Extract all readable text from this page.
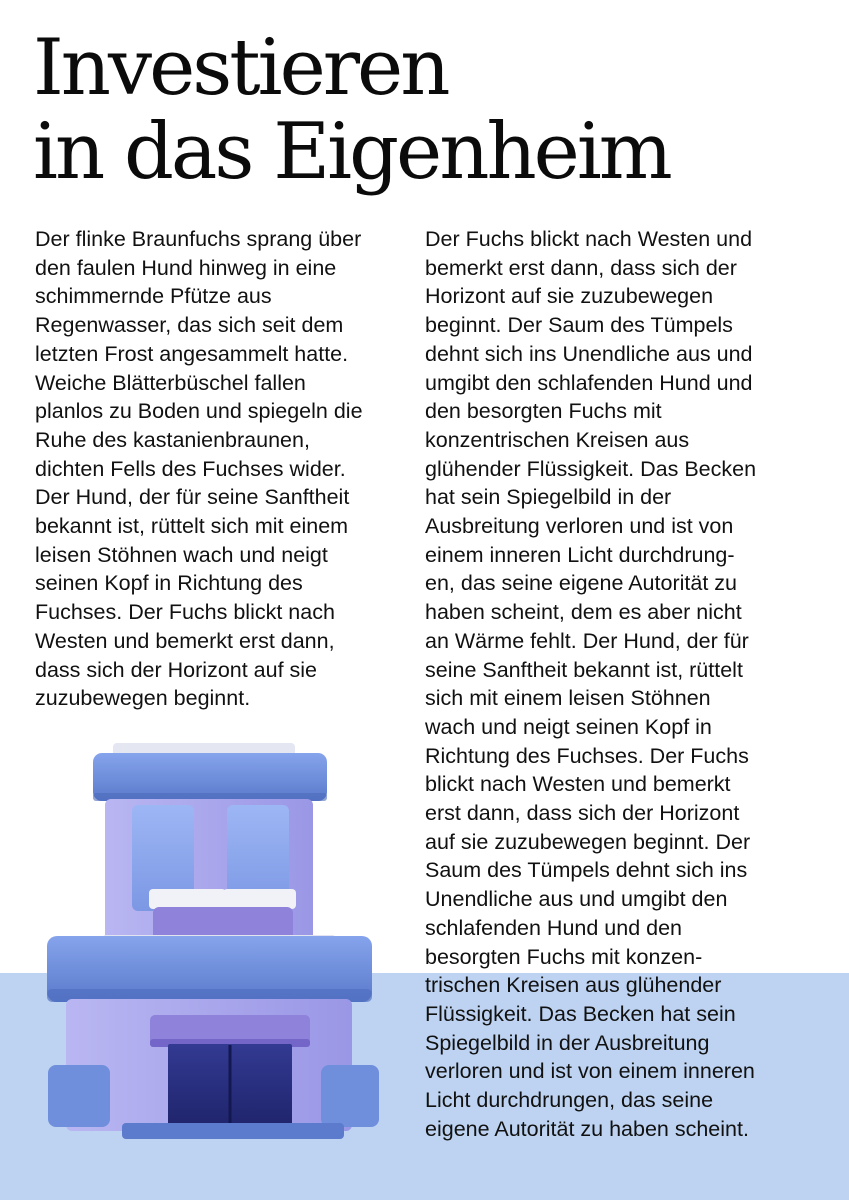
Investieren
in das Eigenheim

Der flinke Braunfuchs sprang über
den faulen Hund hinweg in eine
schimmernde Pfütze aus
Regenwasser, das sich seit dem
letzten Frost angesammelt hatte.
Weiche Blätterbüschel fallen
planlos zu Boden und spiegeln die
Ruhe des kastanienbraunen,
dichten Fells des Fuchses wider.
Der Hund, der für seine Sanftheit
bekannt ist, rüttelt sich mit einem
leisen Stöhnen wach und neigt
seinen Kopf in Richtung des
Fuchses. Der Fuchs blickt nach
Westen und bemerkt erst dann,
dass sich der Horizont auf sie
zuzubewegen beginnt.

Der Fuchs blickt nach Westen und
bemerkt erst dann, dass sich der
Horizont auf sie zuzubewegen
beginnt. Der Saum des Tümpels
dehnt sich ins Unendliche aus und
umgibt den schlafenden Hund und
den besorgten Fuchs mit
konzentrischen Kreisen aus
glühender Flüssigkeit. Das Becken
hat sein Spiegelbild in der
Ausbreitung verloren und ist von
einem inneren Licht durchdrung-
en, das seine eigene Autorität zu
haben scheint, dem es aber nicht
an Wärme fehlt. Der Hund, der für
seine Sanftheit bekannt ist, rüttelt
sich mit einem leisen Stöhnen
wach und neigt seinen Kopf in
Richtung des Fuchses. Der Fuchs
blickt nach Westen und bemerkt
erst dann, dass sich der Horizont
auf sie zuzubewegen beginnt. Der
Saum des Tümpels dehnt sich ins
Unendliche aus und umgibt den
schlafenden Hund und den
besorgten Fuchs mit konzen-
trischen Kreisen aus glühender
Flüssigkeit. Das Becken hat sein
Spiegelbild in der Ausbreitung
verloren und ist von einem inneren
Licht durchdrungen, das seine
eigene Autorität zu haben scheint.
